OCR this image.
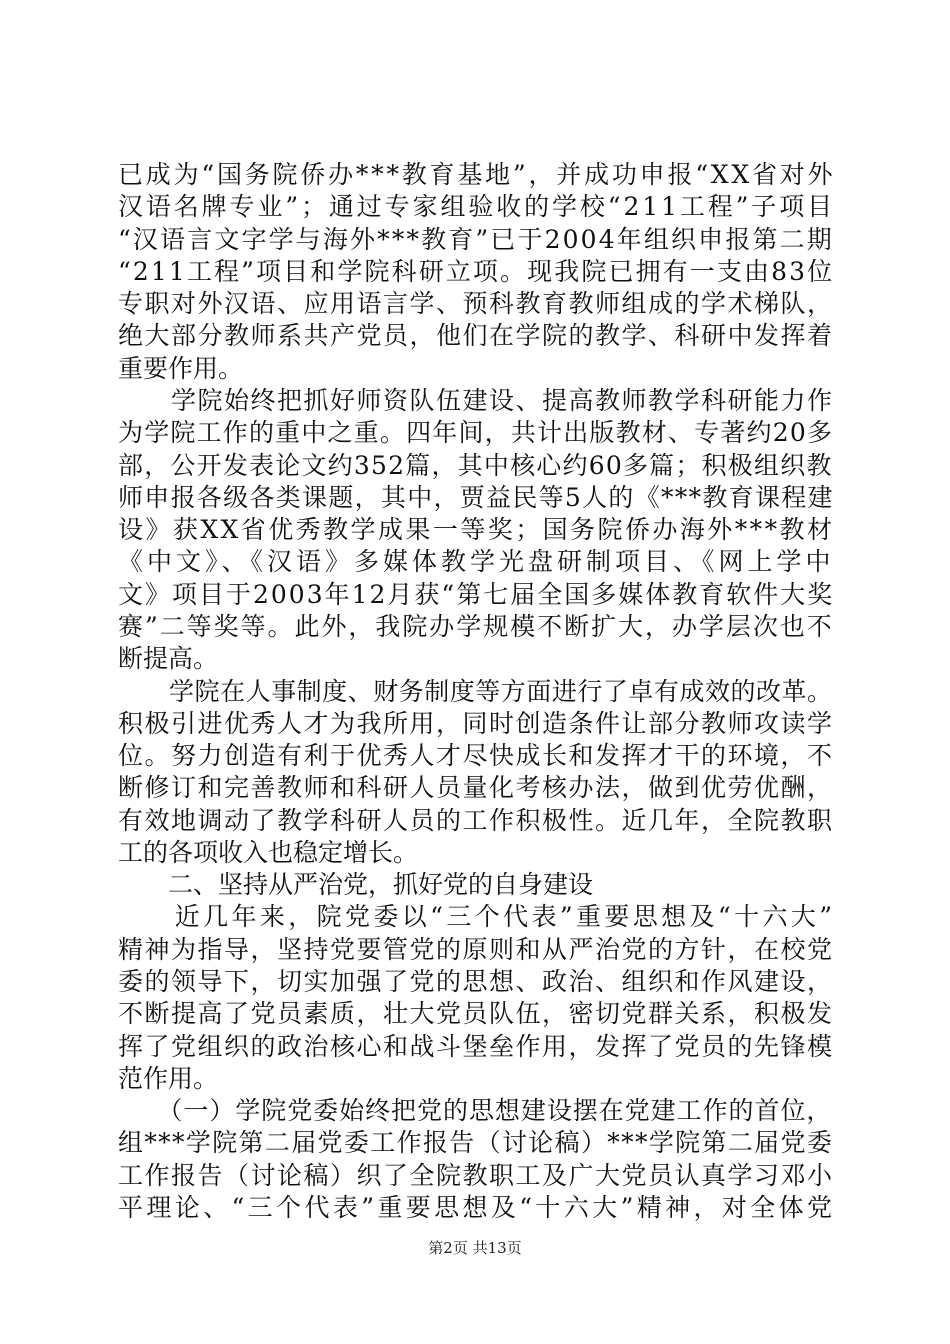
已成为“国务院侨办***教育基地”，并成功申报“XX省对外
汉语名牌专业”；通过专家组验收的学校“211工程”子项目
“汉语言文字学与海外***教育”已于2004年组织申报第二期
“211工程”项目和学院科研立项。现我院已拥有一支由83位
专职对外汉语、应用语言学、预科教育教师组成的学术梯队，
绝大部分教师系共产党员，他们在学院的教学、科研中发挥着
重要作用。
　　学院始终把抓好师资队伍建设、提高教师教学科研能力作
为学院工作的重中之重。四年间，共计出版教材、专著约20多
部，公开发表论文约352篇，其中核心约60多篇；积极组织教
师申报各级各类课题，其中，贾益民等5人的《***教育课程建
设》获XX省优秀教学成果一等奖；国务院侨办海外***教材
《中文》、《汉语》多媒体教学光盘研制项目、《网上学中
文》项目于2003年12月获“第七届全国多媒体教育软件大奖
赛”二等奖等。此外，我院办学规模不断扩大，办学层次也不
断提高。
　　学院在人事制度、财务制度等方面进行了卓有成效的改革。
积极引进优秀人才为我所用，同时创造条件让部分教师攻读学
位。努力创造有利于优秀人才尽快成长和发挥才干的环境，不
断修订和完善教师和科研人员量化考核办法，做到优劳优酬，
有效地调动了教学科研人员的工作积极性。近几年，全院教职
工的各项收入也稳定增长。
　　二、坚持从严治党，抓好党的自身建设
　　近几年来，院党委以“三个代表”重要思想及“十六大”
精神为指导，坚持党要管党的原则和从严治党的方针，在校党
委的领导下，切实加强了党的思想、政治、组织和作风建设，
不断提高了党员素质，壮大党员队伍，密切党群关系，积极发
挥了党组织的政治核心和战斗堡垒作用，发挥了党员的先锋模
范作用。
　　（一）学院党委始终把党的思想建设摆在党建工作的首位，
组***学院第二届党委工作报告（讨论稿）***学院第二届党委
工作报告（讨论稿）织了全院教职工及广大党员认真学习邓小
平理论、“三个代表”重要思想及“十六大”精神，对全体党
第2页 共13页
